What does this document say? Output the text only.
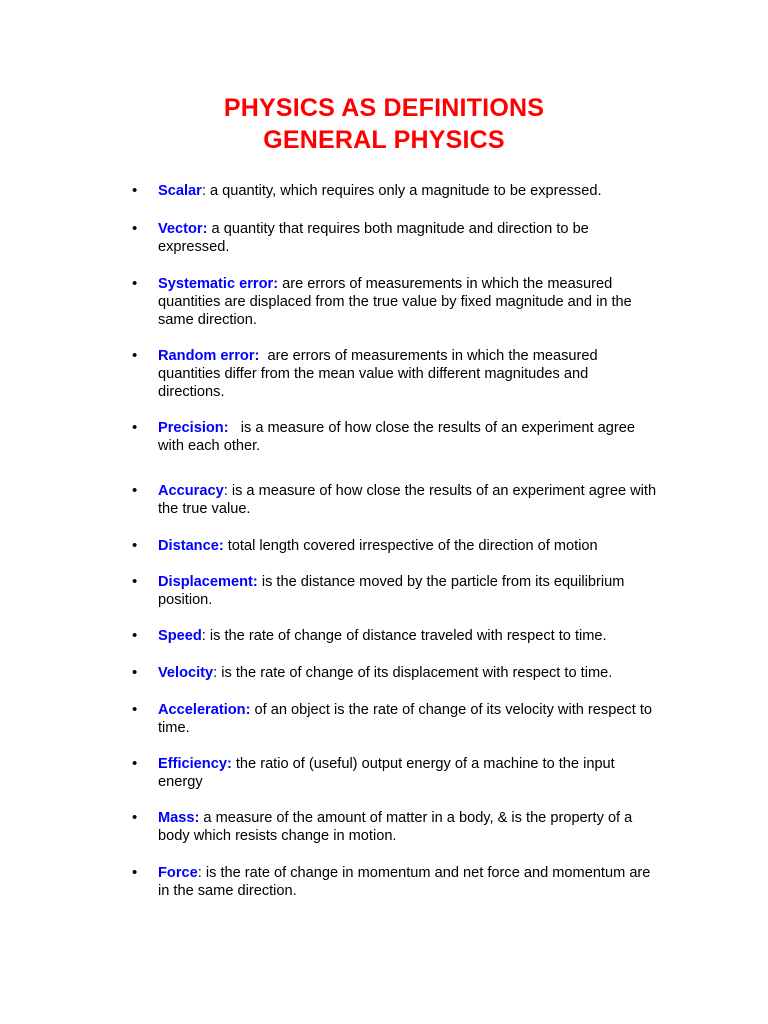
PHYSICS AS DEFINITIONS
GENERAL PHYSICS
• Scalar: a quantity, which requires only a magnitude to be expressed.
• Vector: a quantity that requires both magnitude and direction to be expressed.
• Systematic error: are errors of measurements in which the measured quantities are displaced from the true value by fixed magnitude and in the same direction.
• Random error:  are errors of measurements in which the measured quantities differ from the mean value with different magnitudes and directions.
• Precision:   is a measure of how close the results of an experiment agree with each other.
• Accuracy: is a measure of how close the results of an experiment agree with the true value.
• Distance: total length covered irrespective of the direction of motion
• Displacement: is the distance moved by the particle from its equilibrium position.
• Speed: is the rate of change of distance traveled with respect to time.
• Velocity: is the rate of change of its displacement with respect to time.
• Acceleration: of an object is the rate of change of its velocity with respect to time.
• Efficiency: the ratio of (useful) output energy of a machine to the input energy
• Mass: a measure of the amount of matter in a body, & is the property of a body which resists change in motion.
• Force: is the rate of change in momentum and net force and momentum are in the same direction.
